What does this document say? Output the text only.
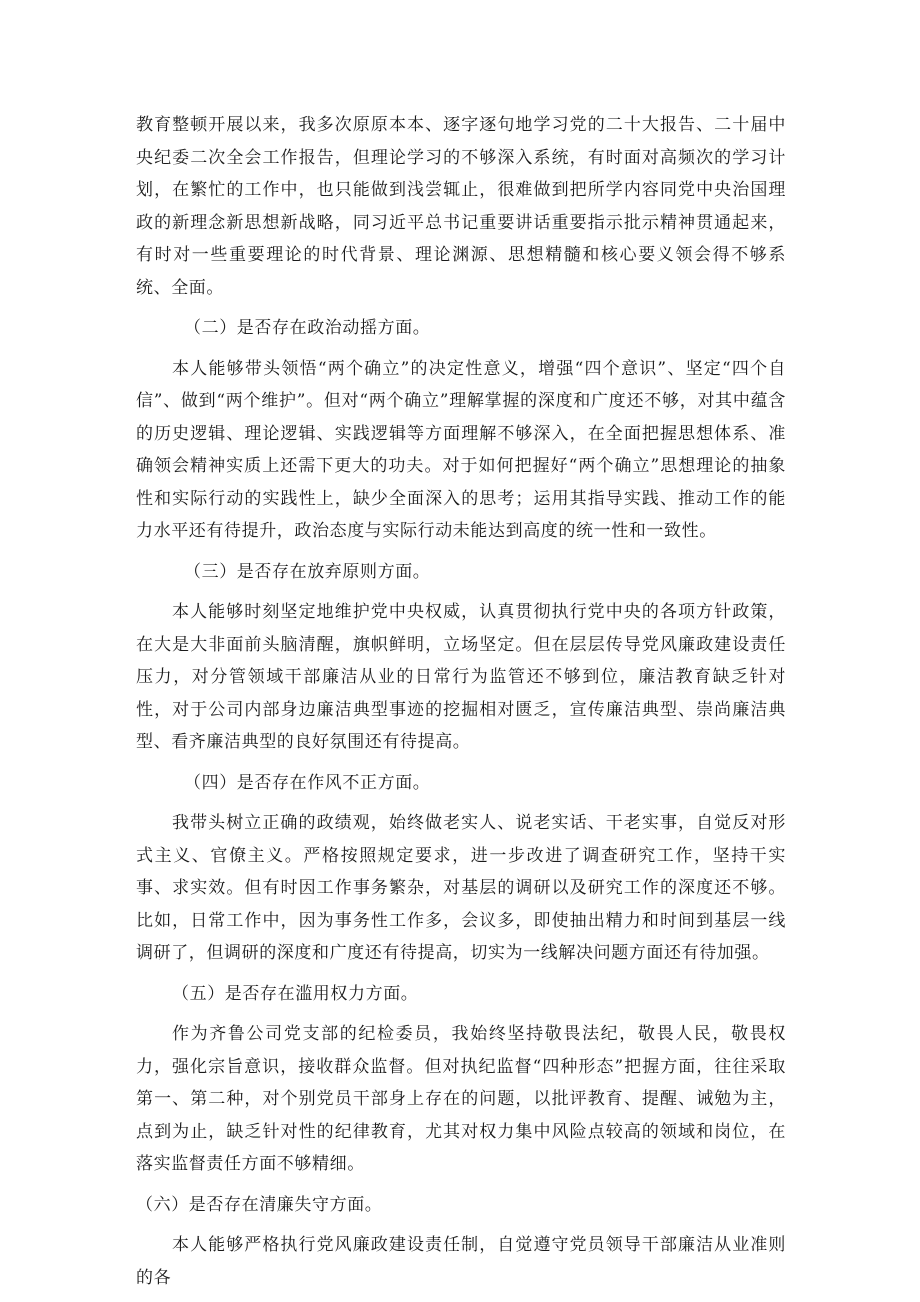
教育整顿开展以来，我多次原原本本、逐字逐句地学习党的二十大报告、二十届中央纪委二次全会工作报告，但理论学习的不够深入系统，有时面对高频次的学习计划，在繁忙的工作中，也只能做到浅尝辄止，很难做到把所学内容同党中央治国理政的新理念新思想新战略，同习近平总书记重要讲话重要指示批示精神贯通起来，有时对一些重要理论的时代背景、理论渊源、思想精髓和核心要义领会得不够系统、全面。

（二）是否存在政治动摇方面。

本人能够带头领悟“两个确立”的决定性意义，增强“四个意识”、坚定“四个自信”、做到“两个维护”。但对“两个确立”理解掌握的深度和广度还不够，对其中蕴含的历史逻辑、理论逻辑、实践逻辑等方面理解不够深入，在全面把握思想体系、准确领会精神实质上还需下更大的功夫。对于如何把握好“两个确立”思想理论的抽象性和实际行动的实践性上，缺少全面深入的思考；运用其指导实践、推动工作的能力水平还有待提升，政治态度与实际行动未能达到高度的统一性和一致性。

（三）是否存在放弃原则方面。

本人能够时刻坚定地维护党中央权威，认真贯彻执行党中央的各项方针政策，在大是大非面前头脑清醒，旗帜鲜明，立场坚定。但在层层传导党风廉政建设责任压力，对分管领域干部廉洁从业的日常行为监管还不够到位，廉洁教育缺乏针对性，对于公司内部身边廉洁典型事迹的挖掘相对匮乏，宣传廉洁典型、崇尚廉洁典型、看齐廉洁典型的良好氛围还有待提高。

（四）是否存在作风不正方面。

我带头树立正确的政绩观，始终做老实人、说老实话、干老实事，自觉反对形式主义、官僚主义。严格按照规定要求，进一步改进了调查研究工作，坚持干实事、求实效。但有时因工作事务繁杂，对基层的调研以及研究工作的深度还不够。比如，日常工作中，因为事务性工作多，会议多，即使抽出精力和时间到基层一线调研了，但调研的深度和广度还有待提高，切实为一线解决问题方面还有待加强。

（五）是否存在滥用权力方面。

作为齐鲁公司党支部的纪检委员，我始终坚持敬畏法纪，敬畏人民，敬畏权力，强化宗旨意识，接收群众监督。但对执纪监督“四种形态”把握方面，往往采取第一、第二种，对个别党员干部身上存在的问题，以批评教育、提醒、诫勉为主，点到为止，缺乏针对性的纪律教育，尤其对权力集中风险点较高的领域和岗位，在落实监督责任方面不够精细。

（六）是否存在清廉失守方面。

本人能够严格执行党风廉政建设责任制，自觉遵守党员领导干部廉洁从业准则的各
